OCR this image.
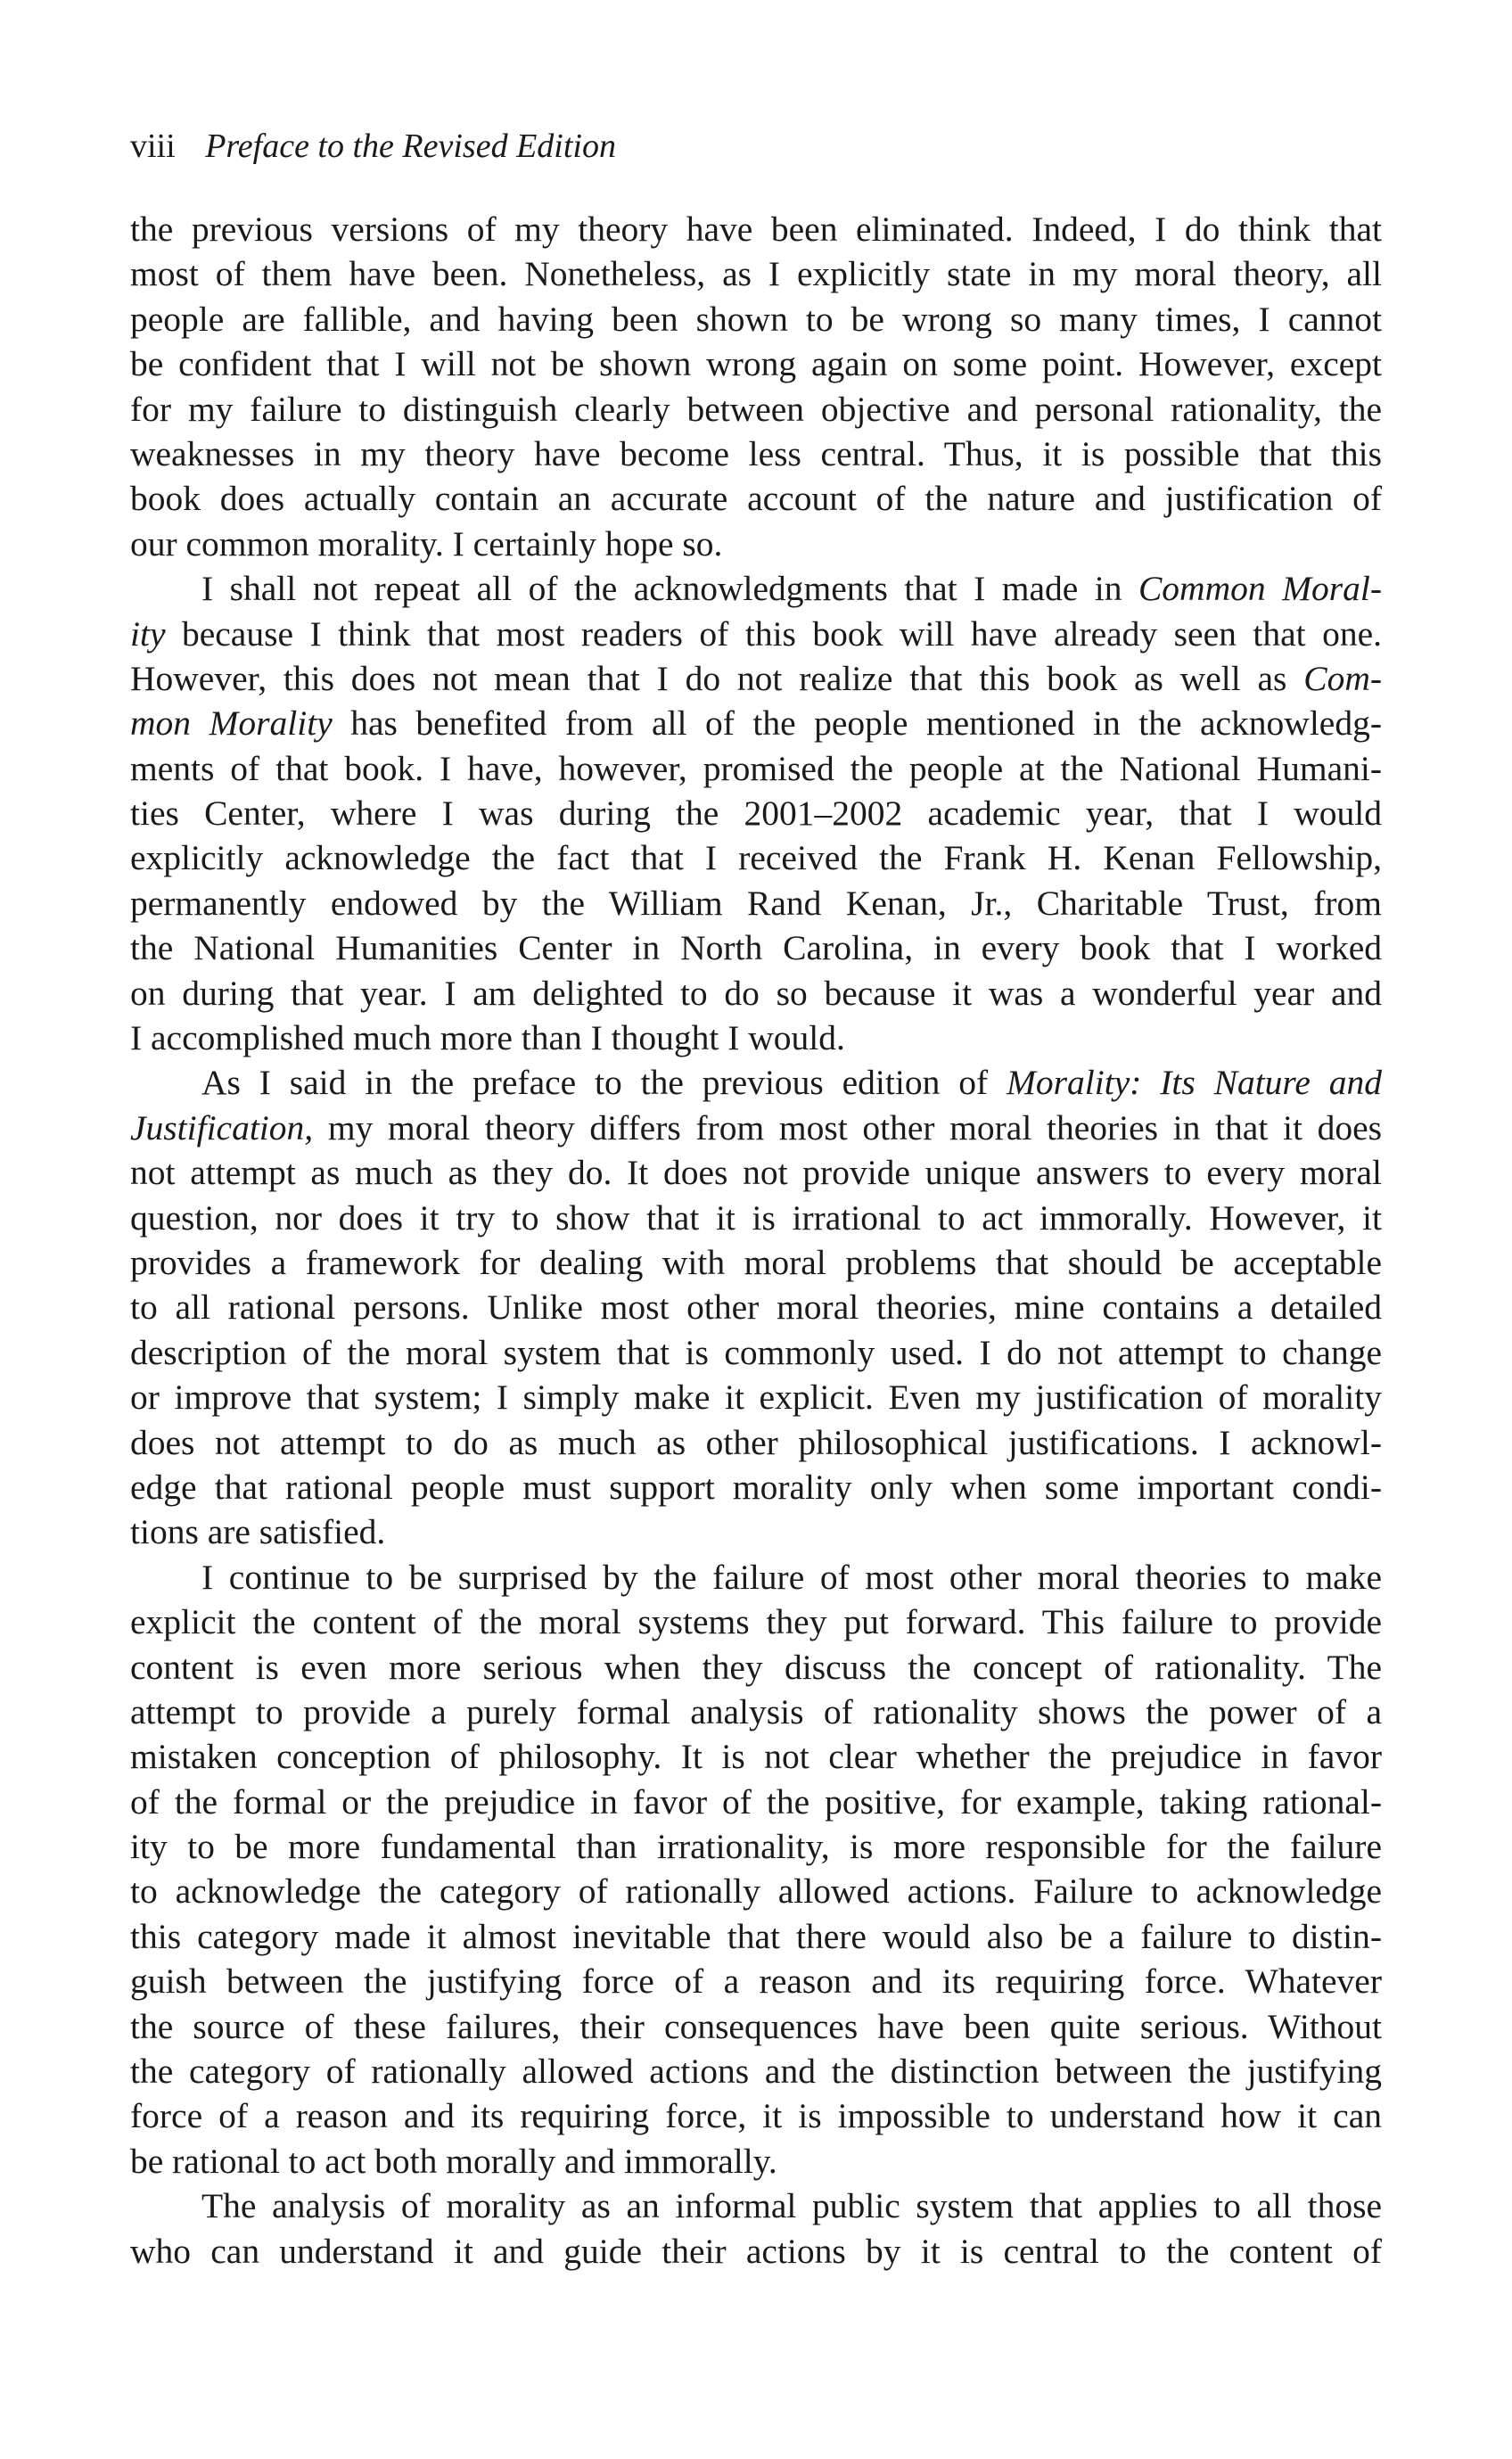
viii Preface to the Revised Edition
the previous versions of my theory have been eliminated. Indeed, I do think that
most of them have been. Nonetheless, as I explicitly state in my moral theory, all
people are fallible, and having been shown to be wrong so many times, I cannot
be confident that I will not be shown wrong again on some point. However, except
for my failure to distinguish clearly between objective and personal rationality, the
weaknesses in my theory have become less central. Thus, it is possible that this
book does actually contain an accurate account of the nature and justification of
our common morality. I certainly hope so.
I shall not repeat all of the acknowledgments that I made in Common Moral-
ity because I think that most readers of this book will have already seen that one.
However, this does not mean that I do not realize that this book as well as Com-
mon Morality has benefited from all of the people mentioned in the acknowledg-
ments of that book. I have, however, promised the people at the National Humani-
ties Center, where I was during the 2001–2002 academic year, that I would
explicitly acknowledge the fact that I received the Frank H. Kenan Fellowship,
permanently endowed by the William Rand Kenan, Jr., Charitable Trust, from
the National Humanities Center in North Carolina, in every book that I worked
on during that year. I am delighted to do so because it was a wonderful year and
I accomplished much more than I thought I would.
As I said in the preface to the previous edition of Morality: Its Nature and
Justification, my moral theory differs from most other moral theories in that it does
not attempt as much as they do. It does not provide unique answers to every moral
question, nor does it try to show that it is irrational to act immorally. However, it
provides a framework for dealing with moral problems that should be acceptable
to all rational persons. Unlike most other moral theories, mine contains a detailed
description of the moral system that is commonly used. I do not attempt to change
or improve that system; I simply make it explicit. Even my justification of morality
does not attempt to do as much as other philosophical justifications. I acknowl-
edge that rational people must support morality only when some important condi-
tions are satisfied.
I continue to be surprised by the failure of most other moral theories to make
explicit the content of the moral systems they put forward. This failure to provide
content is even more serious when they discuss the concept of rationality. The
attempt to provide a purely formal analysis of rationality shows the power of a
mistaken conception of philosophy. It is not clear whether the prejudice in favor
of the formal or the prejudice in favor of the positive, for example, taking rational-
ity to be more fundamental than irrationality, is more responsible for the failure
to acknowledge the category of rationally allowed actions. Failure to acknowledge
this category made it almost inevitable that there would also be a failure to distin-
guish between the justifying force of a reason and its requiring force. Whatever
the source of these failures, their consequences have been quite serious. Without
the category of rationally allowed actions and the distinction between the justifying
force of a reason and its requiring force, it is impossible to understand how it can
be rational to act both morally and immorally.
The analysis of morality as an informal public system that applies to all those
who can understand it and guide their actions by it is central to the content of
